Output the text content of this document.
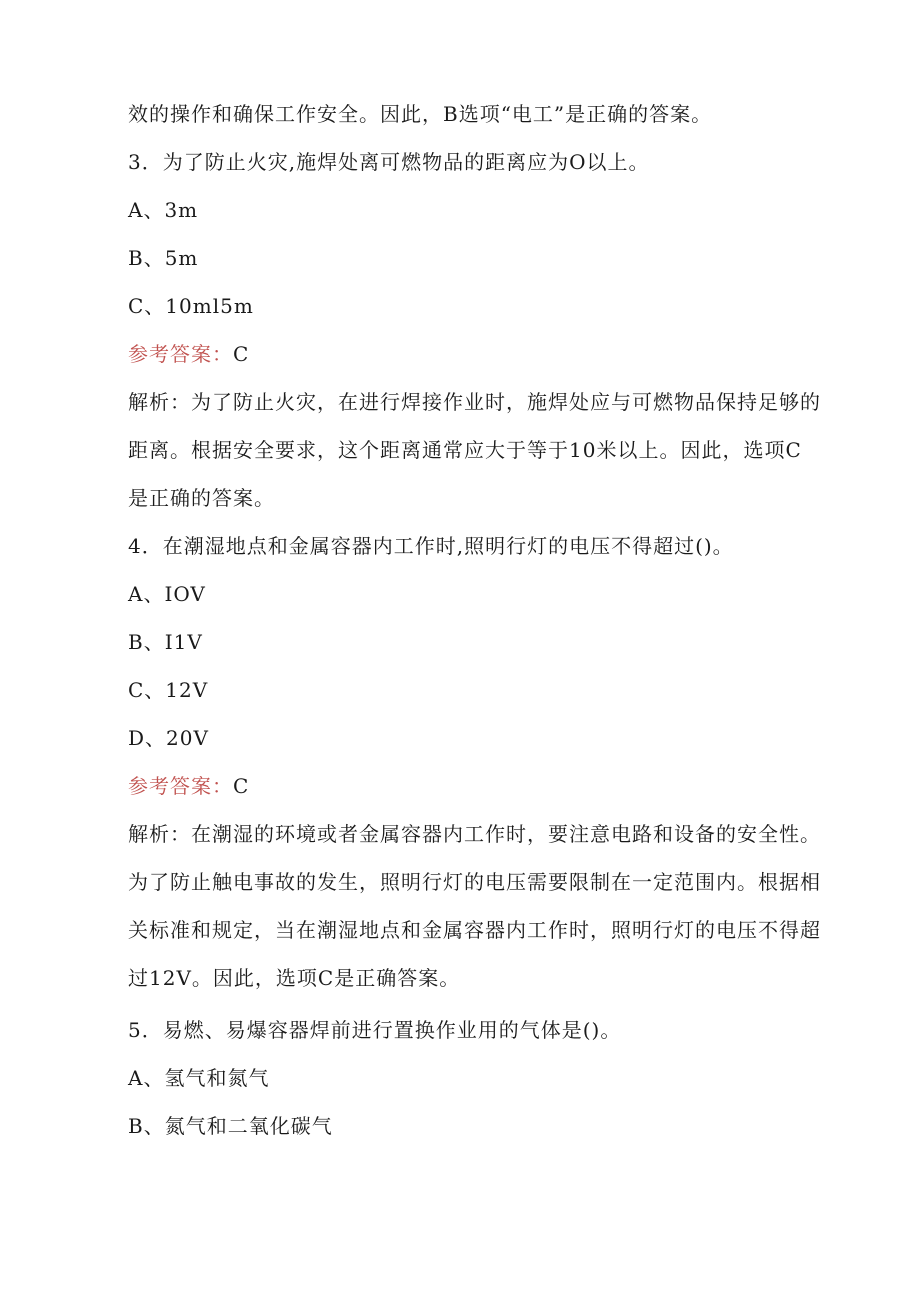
效的操作和确保工作安全。因此，B选项“电工”是正确的答案。
3．为了防止火灾,施焊处离可燃物品的距离应为O以上。
A、3m
B、5m
C、10ml5m
参考答案：C
解析：为了防止火灾，在进行焊接作业时，施焊处应与可燃物品保持足够的
距离。根据安全要求，这个距离通常应大于等于10米以上。因此，选项C
是正确的答案。
4．在潮湿地点和金属容器内工作时,照明行灯的电压不得超过()。
A、IOV
B、I1V
C、12V
D、20V
参考答案：C
解析：在潮湿的环境或者金属容器内工作时，要注意电路和设备的安全性。
为了防止触电事故的发生，照明行灯的电压需要限制在一定范围内。根据相
关标准和规定，当在潮湿地点和金属容器内工作时，照明行灯的电压不得超
过12V。因此，选项C是正确答案。
5．易燃、易爆容器焊前进行置换作业用的气体是()。
A、氢气和氮气
B、氮气和二氧化碳气
